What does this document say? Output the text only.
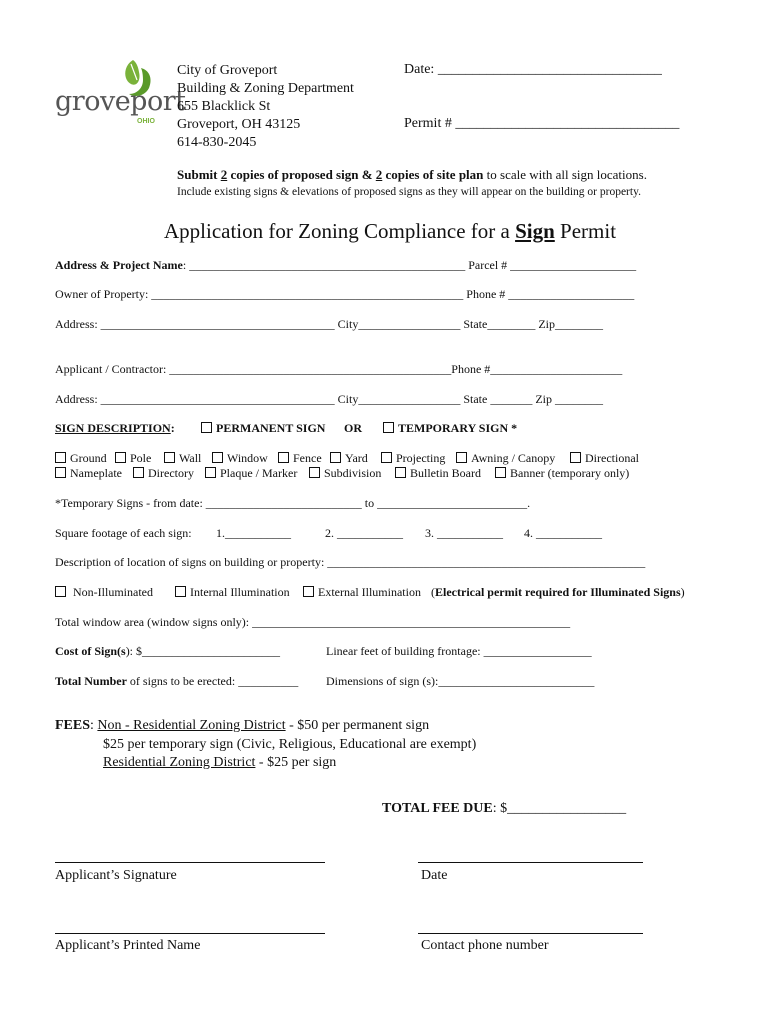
groveport
OHIO
City of Groveport
Building & Zoning Department
655 Blacklick St
Groveport, OH 43125
614-830-2045
Date: ________________________________
Permit # ________________________________
Submit 2 copies of proposed sign & 2 copies of site plan to scale with all sign locations.
Include existing signs & elevations of proposed signs as they will appear on the building or property.
Application for Zoning Compliance for a Sign Permit
Address & Project Name: ______________________________________________ Parcel # _____________________
Owner of Property: ____________________________________________________ Phone # _____________________
Address: _______________________________________ City_________________ State________ Zip________
Applicant / Contractor: _______________________________________________Phone #______________________
Address: _______________________________________ City_________________ State _______ Zip ________
SIGN DESCRIPTION:	PERMANENT SIGN OR	TEMPORARY SIGN *
Ground	Pole	Wall	Window	Fence	Yard	Projecting	Awning / Canopy	Directional
Nameplate	Directory	Plaque / Marker	Subdivision	Bulletin Board	Banner (temporary only)
*Temporary Signs - from date: __________________________ to _________________________.
Square footage of each sign: 1.___________	2. ___________ 3. ___________ 4. ___________
Description of location of signs on building or property: _____________________________________________________
Non-Illuminated	Internal Illumination	External Illumination (Electrical permit required for Illuminated Signs)
Total window area (window signs only): _____________________________________________________
Cost of Sign(s): $_______________________	Linear feet of building frontage: __________________
Total Number of signs to be erected: __________ Dimensions of sign (s):__________________________
FEES: Non - Residential Zoning District - $50 per permanent sign
$25 per temporary sign (Civic, Religious, Educational are exempt)
Residential Zoning District - $25 per sign
TOTAL FEE DUE: $_________________
Applicant’s Signature	Date
Applicant’s Printed Name	Contact phone number
